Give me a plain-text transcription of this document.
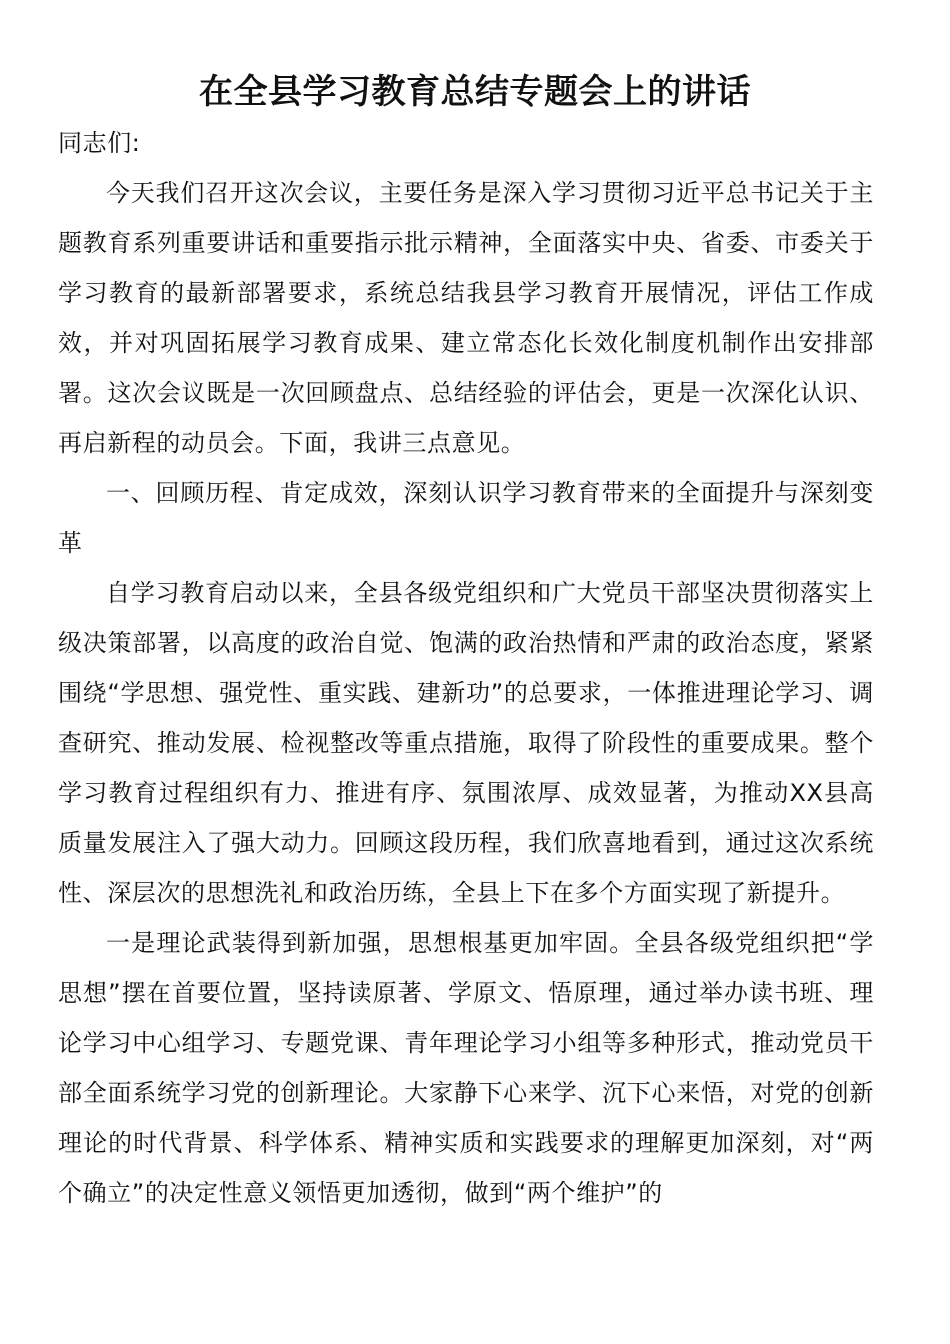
在全县学习教育总结专题会上的讲话

同志们:

今天我们召开这次会议，主要任务是深入学习贯彻习近平总书记关于主题教育系列重要讲话和重要指示批示精神，全面落实中央、省委、市委关于学习教育的最新部署要求，系统总结我县学习教育开展情况，评估工作成效，并对巩固拓展学习教育成果、建立常态化长效化制度机制作出安排部署。这次会议既是一次回顾盘点、总结经验的评估会，更是一次深化认识、再启新程的动员会。下面，我讲三点意见。

一、回顾历程、肯定成效，深刻认识学习教育带来的全面提升与深刻变革

自学习教育启动以来，全县各级党组织和广大党员干部坚决贯彻落实上级决策部署，以高度的政治自觉、饱满的政治热情和严肃的政治态度，紧紧围绕“学思想、强党性、重实践、建新功”的总要求，一体推进理论学习、调查研究、推动发展、检视整改等重点措施，取得了阶段性的重要成果。整个学习教育过程组织有力、推进有序、氛围浓厚、成效显著，为推动XX县高质量发展注入了强大动力。回顾这段历程，我们欣喜地看到，通过这次系统性、深层次的思想洗礼和政治历练，全县上下在多个方面实现了新提升。

一是理论武装得到新加强，思想根基更加牢固。全县各级党组织把“学思想”摆在首要位置，坚持读原著、学原文、悟原理，通过举办读书班、理论学习中心组学习、专题党课、青年理论学习小组等多种形式，推动党员干部全面系统学习党的创新理论。大家静下心来学、沉下心来悟，对党的创新理论的时代背景、科学体系、精神实质和实践要求的理解更加深刻，对“两个确立”的决定性意义领悟更加透彻，做到“两个维护”的
